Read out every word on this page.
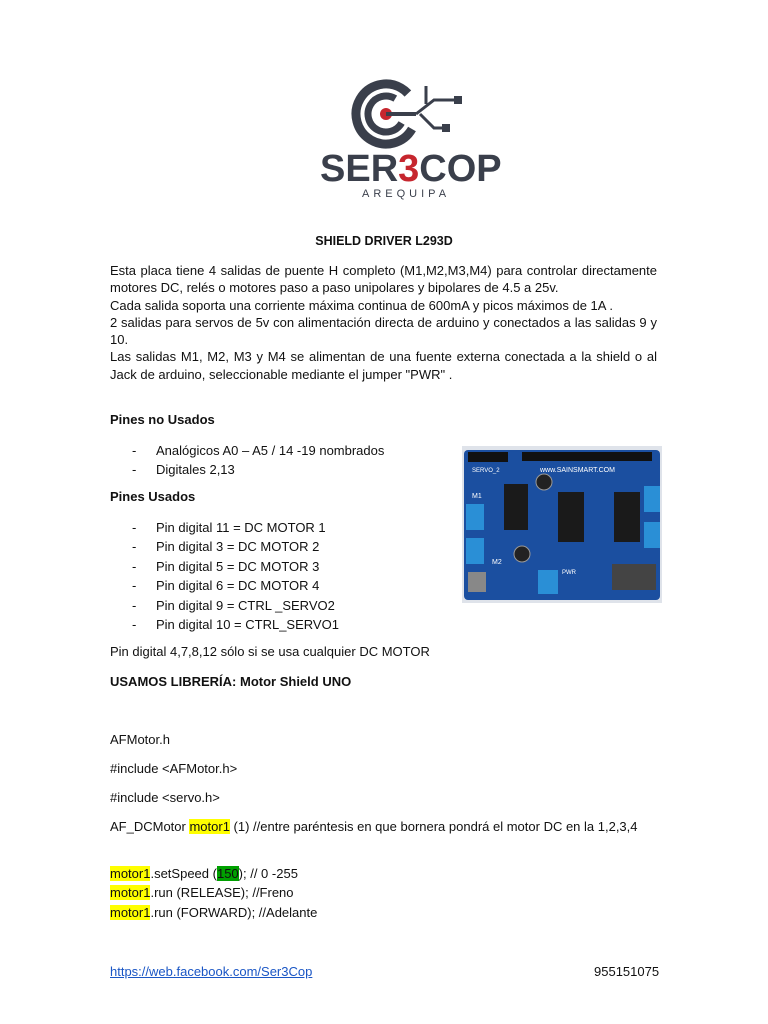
SER3COP
AREQUIPA
SHIELD DRIVER L293D

Esta placa tiene 4 salidas de puente H completo (M1,M2,M3,M4) para controlar directamente motores DC, relés o motores paso a paso unipolares y bipolares de 4.5 a 25v.

Cada salida soporta una corriente máxima continua de 600mA y picos máximos de 1A .

2 salidas para servos de 5v con alimentación directa de arduino y conectados a las salidas 9 y 10.

Las salidas M1, M2, M3 y M4 se alimentan de una fuente externa conectada a la shield o al Jack de arduino, seleccionable mediante el jumper "PWR" .

Pines no Usados
- Analógicos A0 – A5 / 14 -19 nombrados
- Digitales 2,13
Pines Usados
- Pin digital 11 = DC MOTOR 1
- Pin digital 3 = DC MOTOR 2
- Pin digital 5 = DC MOTOR 3
- Pin digital 6 = DC MOTOR 4
- Pin digital 9 = CTRL _SERVO2
- Pin digital 10 = CTRL_SERVO1
www.SAINSMART.COM
SERVO_2
M1
M2
PWR
Pin digital 4,7,8,12 sólo si se usa cualquier DC MOTOR
USAMOS LIBRERÍA: Motor Shield UNO
AFMotor.h
#include <AFMotor.h>
#include <servo.h>
AF_DCMotor motor1 (1) //entre paréntesis en que bornera pondrá el motor DC en la 1,2,3,4
motor1.setSpeed (150); // 0 -255
motor1.run (RELEASE); //Freno
motor1.run (FORWARD); //Adelante
https://web.facebook.com/Ser3Cop	955151075
